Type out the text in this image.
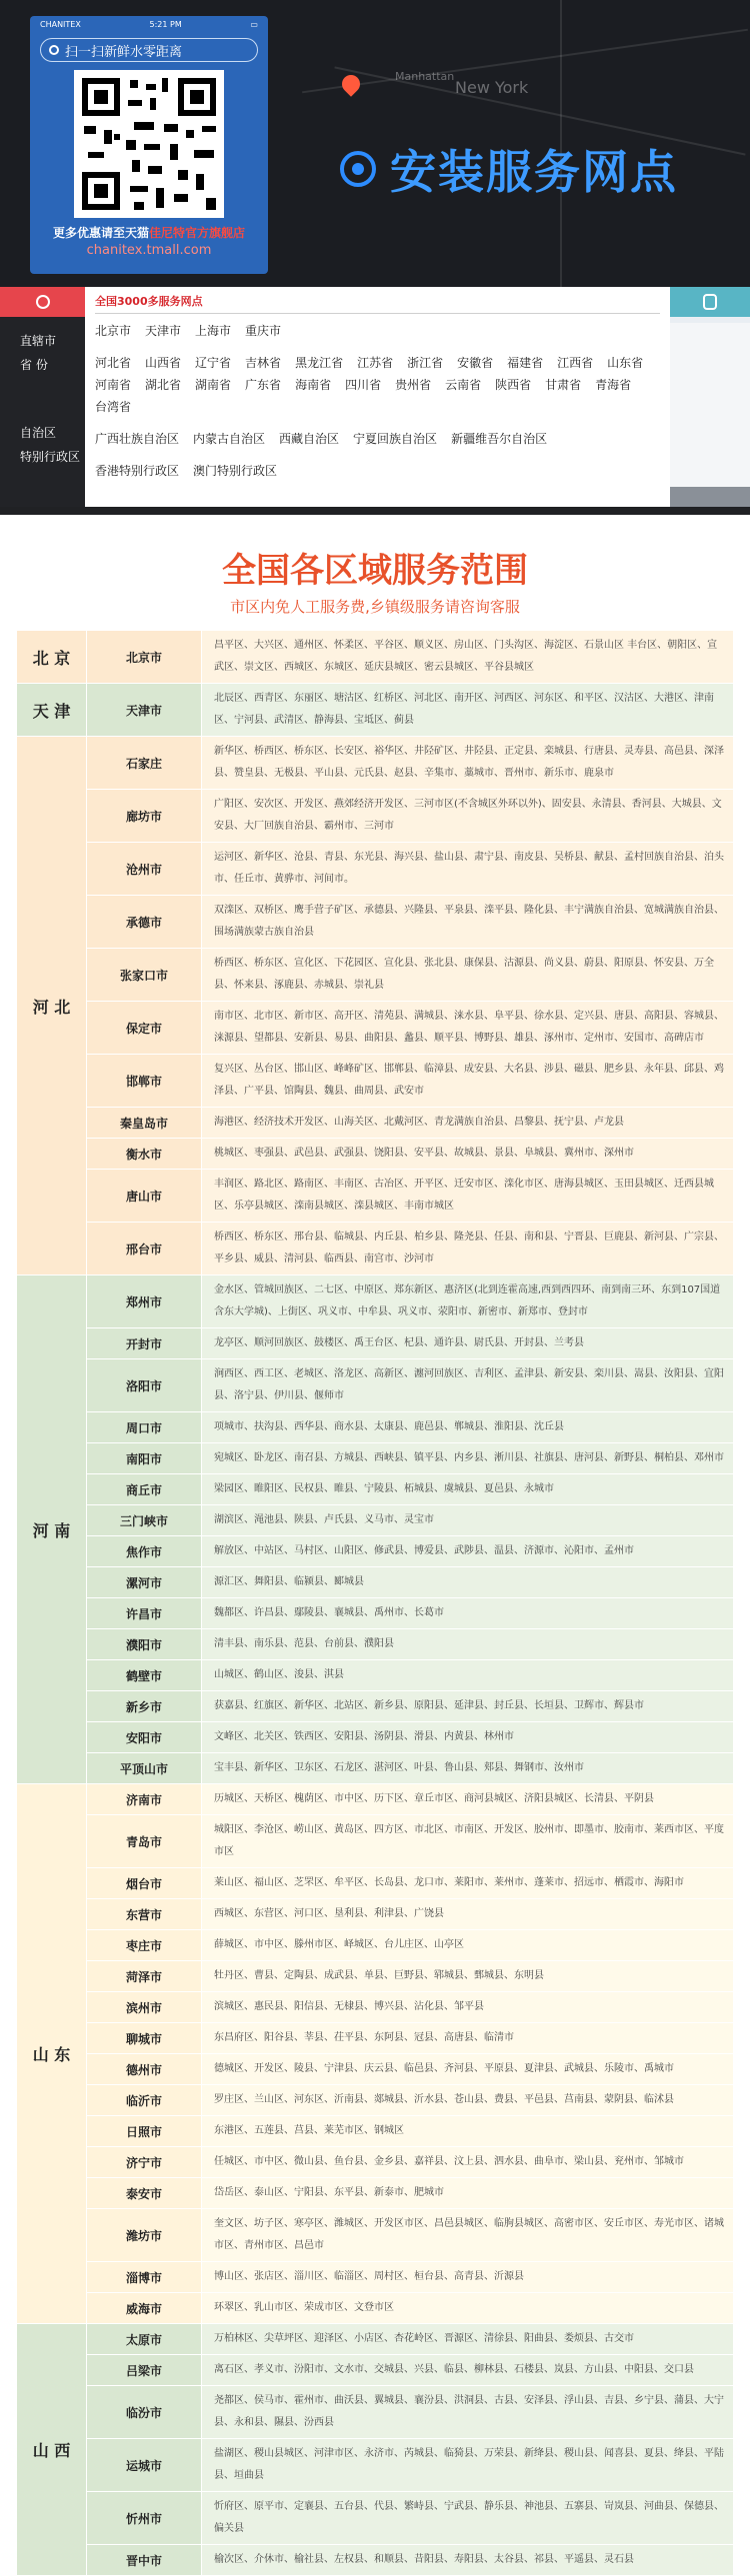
Manhattan
New York
CHANITEX	5:21 PM	▭
扫一扫新鲜水零距离
更多优惠请至天猫佳尼特官方旗舰店
chanitex.tmall.com
安装服务网点
直辖市
省 份
自治区
特别行政区
全国3000多服务网点
北京市 天津市 上海市 重庆市
河北省 山西省 辽宁省 吉林省 黑龙江省 江苏省 浙江省 安徽省 福建省 江西省 山东省
河南省 湖北省 湖南省 广东省 海南省 四川省 贵州省 云南省 陕西省 甘肃省 青海省
台湾省
广西壮族自治区 内蒙古自治区 西藏自治区 宁夏回族自治区 新疆维吾尔自治区
香港特别行政区 澳门特别行政区
全国各区域服务范围

市区内免人工服务费,乡镇级服务请咨询客服

北 京	北京市	昌平区、大兴区、通州区、怀柔区、平谷区、顺义区、房山区、门头沟区、海淀区、石景山区 丰台区、朝阳区、宣武区、崇文区、西城区、东城区、延庆县城区、密云县城区、平谷县城区
天 津	天津市	北辰区、西青区、东丽区、塘沽区、红桥区、河北区、南开区、河西区、河东区、和平区、汉沽区、大港区、津南区、宁河县、武清区、静海县、宝坻区、蓟县
河 北	石家庄	新华区、桥西区、桥东区、长安区、裕华区、井陉矿区、井陉县、正定县、栾城县、行唐县、灵寿县、高邑县、深泽县、赞皇县、无极县、平山县、元氏县、赵县、辛集市、藁城市、晋州市、新乐市、鹿泉市
	廊坊市	广阳区、安次区、开发区、燕郊经济开发区、三河市区(不含城区外环以外)、固安县、永清县、香河县、大城县、文安县、大厂回族自治县、霸州市、三河市
	沧州市	运河区、新华区、沧县、青县、东光县、海兴县、盐山县、肃宁县、南皮县、吴桥县、献县、孟村回族自治县、泊头市、任丘市、黄骅市、河间市。
	承德市	双滦区、双桥区、鹰手营子矿区、承德县、兴隆县、平泉县、滦平县、隆化县、丰宁满族自治县、宽城满族自治县、围场满族蒙古族自治县
	张家口市	桥西区、桥东区、宣化区、下花园区、宣化县、张北县、康保县、沽源县、尚义县、蔚县、阳原县、怀安县、万全县、怀来县、涿鹿县、赤城县、崇礼县
	保定市	南市区、北市区、新市区、高开区、清苑县、满城县、涞水县、阜平县、徐水县、定兴县、唐县、高阳县、容城县、涞源县、望都县、安新县、易县、曲阳县、蠡县、顺平县、博野县、雄县、涿州市、定州市、安国市、高碑店市
	邯郸市	复兴区、丛台区、邯山区、峰峰矿区、邯郸县、临漳县、成安县、大名县、涉县、磁县、肥乡县、永年县、邱县、鸡泽县、广平县、馆陶县、魏县、曲周县、武安市
	秦皇岛市	海港区、经济技术开发区、山海关区、北戴河区、青龙满族自治县、昌黎县、抚宁县、卢龙县
	衡水市	桃城区、枣强县、武邑县、武强县、饶阳县、安平县、故城县、景县、阜城县、冀州市、深州市
	唐山市	丰润区、路北区、路南区、丰南区、古冶区、开平区、迁安市区、滦化市区、唐海县城区、玉田县城区、迁西县城区、乐亭县城区、滦南县城区、滦县城区、丰南市城区
	邢台市	桥西区、桥东区、邢台县、临城县、内丘县、柏乡县、隆尧县、任县、南和县、宁晋县、巨鹿县、新河县、广宗县、平乡县、威县、清河县、临西县、南宫市、沙河市
河 南	郑州市	金水区、管城回族区、二七区、中原区、郑东新区、惠济区(北到连霍高速,西到西四环、南到南三环、东到107国道含东大学城)、上街区、巩义市、中牟县、巩义市、荥阳市、新密市、新郑市、登封市
	开封市	龙亭区、顺河回族区、鼓楼区、禹王台区、杞县、通许县、尉氏县、开封县、兰考县
	洛阳市	涧西区、西工区、老城区、洛龙区、高新区、瀍河回族区、吉利区、孟津县、新安县、栾川县、嵩县、汝阳县、宜阳县、洛宁县、伊川县、偃师市
	周口市	项城市、扶沟县、西华县、商水县、太康县、鹿邑县、郸城县、淮阳县、沈丘县
	南阳市	宛城区、卧龙区、南召县、方城县、西峡县、镇平县、内乡县、淅川县、社旗县、唐河县、新野县、桐柏县、邓州市
	商丘市	梁园区、睢阳区、民权县、睢县、宁陵县、柘城县、虞城县、夏邑县、永城市
	三门峡市	湖滨区、渑池县、陕县、卢氏县、义马市、灵宝市
	焦作市	解放区、中站区、马村区、山阳区、修武县、博爱县、武陟县、温县、济源市、沁阳市、孟州市
	漯河市	源汇区、舞阳县、临颍县、郾城县
	许昌市	魏都区、许昌县、鄢陵县、襄城县、禹州市、长葛市
	濮阳市	清丰县、南乐县、范县、台前县、濮阳县
	鹤壁市	山城区、鹤山区、浚县、淇县
	新乡市	获嘉县、红旗区、新华区、北站区、新乡县、原阳县、延津县、封丘县、长垣县、卫辉市、辉县市
	安阳市	文峰区、北关区、铁西区、安阳县、汤阴县、滑县、内黄县、林州市
	平顶山市	宝丰县、新华区、卫东区、石龙区、湛河区、叶县、鲁山县、郏县、舞钢市、汝州市
山 东	济南市	历城区、天桥区、槐荫区、市中区、历下区、章丘市区、商河县城区、济阳县城区、长清县、平阴县
	青岛市	城阳区、李沧区、崂山区、黄岛区、四方区、市北区、市南区、开发区、胶州市、即墨市、胶南市、莱西市区、平度市区
	烟台市	莱山区、福山区、芝罘区、牟平区、长岛县、龙口市、莱阳市、莱州市、蓬莱市、招远市、栖霞市、海阳市
	东营市	西城区、东营区、河口区、垦利县、利津县、广饶县
	枣庄市	薛城区、市中区、滕州市区、峄城区、台儿庄区、山亭区
	菏泽市	牡丹区、曹县、定陶县、成武县、单县、巨野县、郓城县、鄄城县、东明县
	滨州市	滨城区、惠民县、阳信县、无棣县、博兴县、沾化县、邹平县
	聊城市	东昌府区、阳谷县、莘县、茌平县、东阿县、冠县、高唐县、临清市
	德州市	德城区、开发区、陵县、宁津县、庆云县、临邑县、齐河县、平原县、夏津县、武城县、乐陵市、禹城市
	临沂市	罗庄区、兰山区、河东区、沂南县、郯城县、沂水县、苍山县、费县、平邑县、莒南县、蒙阴县、临沭县
	日照市	东港区、五莲县、莒县、莱芜市区、钢城区
	济宁市	任城区、市中区、微山县、鱼台县、金乡县、嘉祥县、汶上县、泗水县、曲阜市、梁山县、兖州市、邹城市
	泰安市	岱岳区、泰山区、宁阳县、东平县、新泰市、肥城市
	潍坊市	奎文区、坊子区、寒亭区、潍城区、开发区市区、昌邑县城区、临朐县城区、高密市区、安丘市区、寿光市区、诸城市区、青州市区、昌邑市
	淄博市	博山区、张店区、淄川区、临淄区、周村区、桓台县、高青县、沂源县
	威海市	环翠区、乳山市区、荣成市区、文登市区
山 西	太原市	万柏林区、尖草坪区、迎泽区、小店区、杏花岭区、晋源区、清徐县、阳曲县、娄烦县、古交市
	吕梁市	离石区、孝义市、汾阳市、文水市、交城县、兴县、临县、柳林县、石楼县、岚县、方山县、中阳县、交口县
	临汾市	尧都区、侯马市、霍州市、曲沃县、翼城县、襄汾县、洪洞县、古县、安泽县、浮山县、吉县、乡宁县、蒲县、大宁县、永和县、隰县、汾西县
	运城市	盐湖区、稷山县城区、河津市区、永济市、芮城县、临猗县、万荣县、新绛县、稷山县、闻喜县、夏县、绛县、平陆县、垣曲县
	忻州市	忻府区、原平市、定襄县、五台县、代县、繁峙县、宁武县、静乐县、神池县、五寨县、岢岚县、河曲县、保德县、偏关县
	晋中市	榆次区、介休市、榆社县、左权县、和顺县、昔阳县、寿阳县、太谷县、祁县、平遥县、灵石县
